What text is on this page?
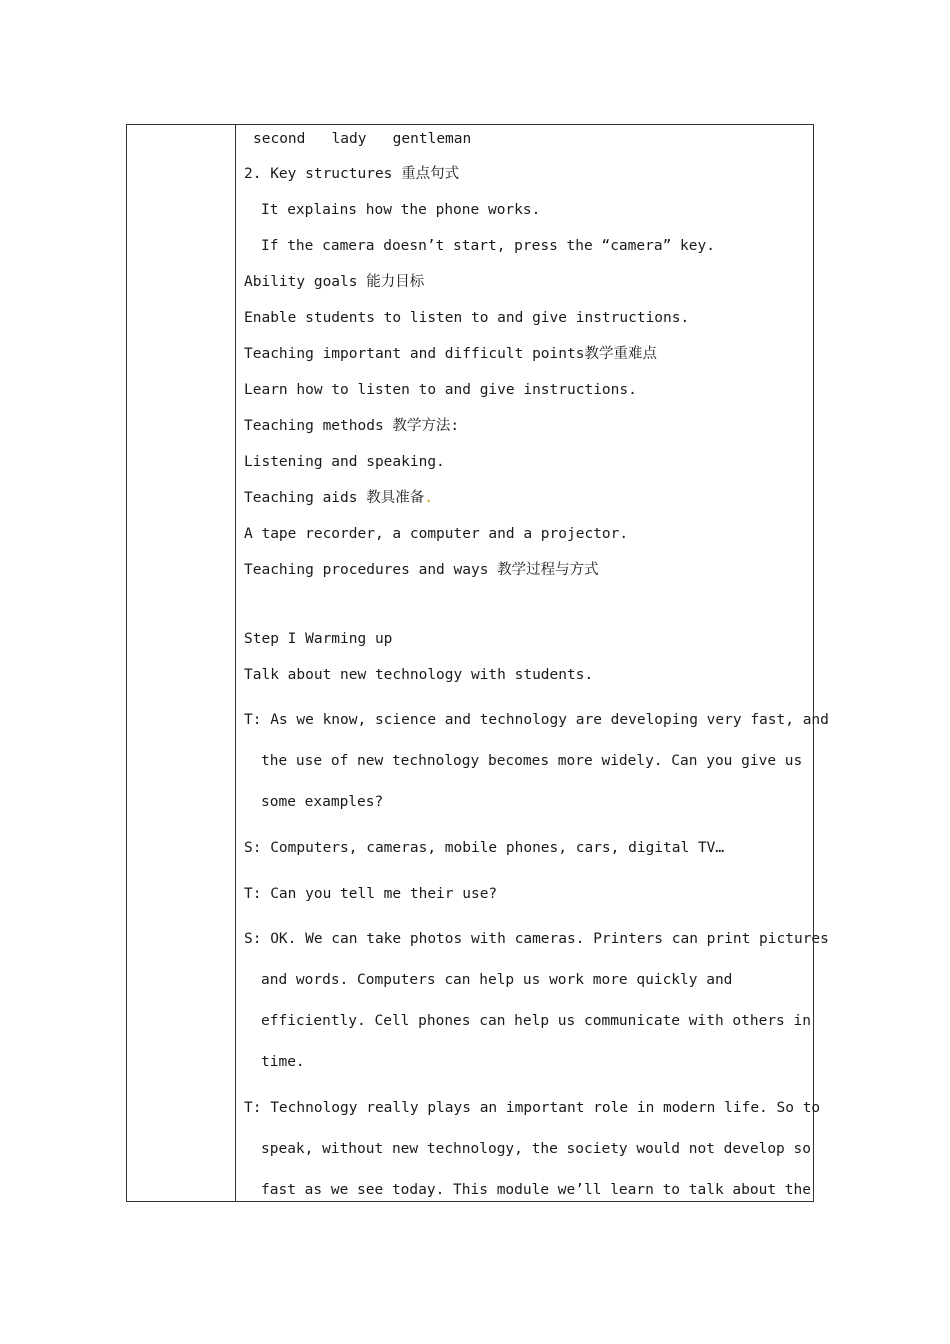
second   lady   gentleman
2. Key structures 重点句式
It explains how the phone works.
If the camera doesn’t start, press the “camera” key.
Ability goals 能力目标
Enable students to listen to and give instructions.
Teaching important and difficult points教学重难点
Learn how to listen to and give instructions.
Teaching methods 教学方法:
Listening and speaking.
Teaching aids 教具准备.
A tape recorder, a computer and a projector.
Teaching procedures and ways 教学过程与方式
Step I Warming up
Talk about new technology with students.
T: As we know, science and technology are developing very fast, and
the use of new technology becomes more widely. Can you give us
some examples?
S: Computers, cameras, mobile phones, cars, digital TV…
T: Can you tell me their use?
S: OK. We can take photos with cameras. Printers can print pictures
and words. Computers can help us work more quickly and
efficiently. Cell phones can help us communicate with others in
time.
T: Technology really plays an important role in modern life. So to
speak, without new technology, the society would not develop so
fast as we see today. This module we’ll learn to talk about the
